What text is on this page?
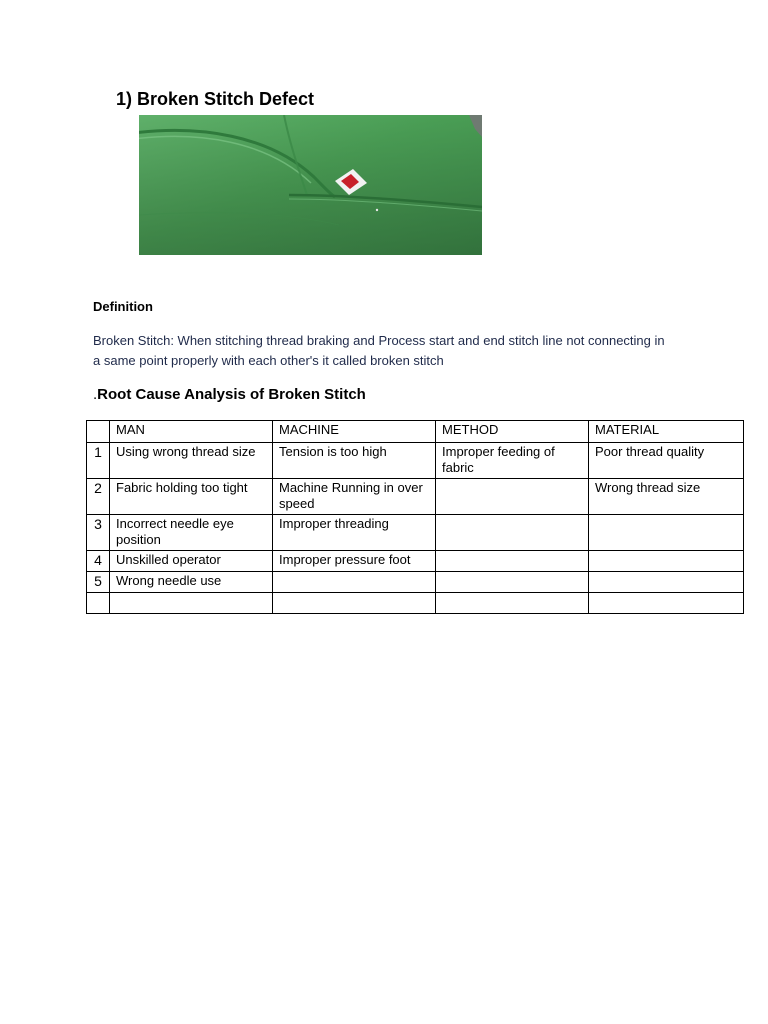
1) Broken Stitch Defect
Definition
Broken Stitch: When stitching thread braking and Process start and end stitch line not connecting in a same point properly with each other's it called broken stitch
.Root Cause Analysis of Broken Stitch
	MAN	MACHINE	METHOD	MATERIAL
1	Using wrong thread size	Tension is too high	Improper feeding of fabric	Poor thread quality
2	Fabric holding too tight	Machine Running in over speed		Wrong thread size
3	Incorrect needle eye position	Improper threading		
4	Unskilled operator	Improper pressure foot		
5	Wrong needle use			
